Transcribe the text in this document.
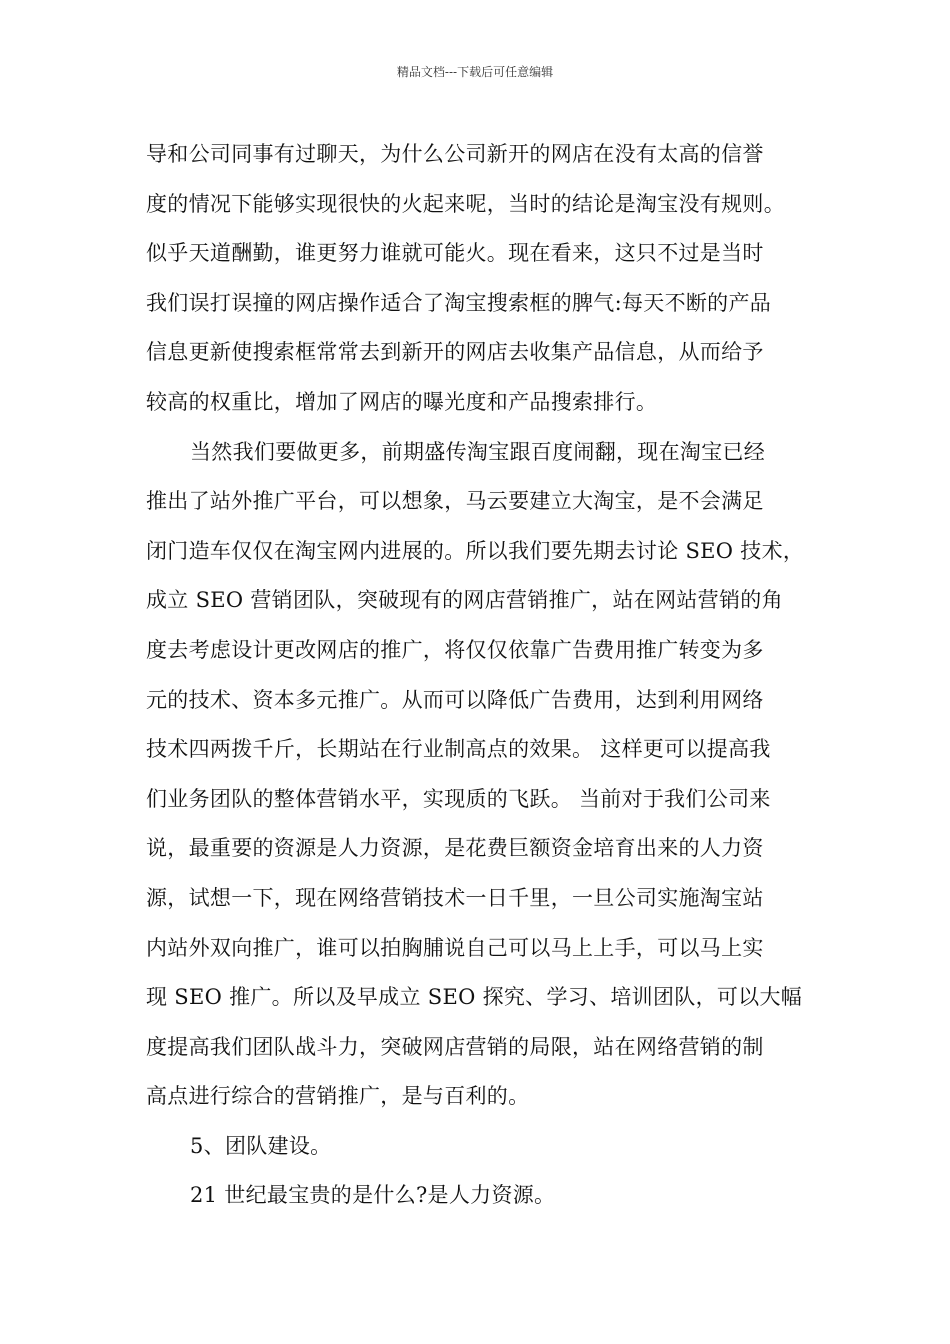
精品文档---下载后可任意编辑
导和公司同事有过聊天，为什么公司新开的网店在没有太高的信誉
度的情况下能够实现很快的火起来呢，当时的结论是淘宝没有规则。
似乎天道酬勤，谁更努力谁就可能火。现在看来，这只不过是当时
我们误打误撞的网店操作适合了淘宝搜索框的脾气:每天不断的产品
信息更新使搜索框常常去到新开的网店去收集产品信息，从而给予
较高的权重比，增加了网店的曝光度和产品搜索排行。
当然我们要做更多，前期盛传淘宝跟百度闹翻，现在淘宝已经
推出了站外推广平台，可以想象，马云要建立大淘宝，是不会满足
闭门造车仅仅在淘宝网内进展的。所以我们要先期去讨论 SEO 技术，
成立 SEO 营销团队，突破现有的网店营销推广，站在网站营销的角
度去考虑设计更改网店的推广，将仅仅依靠广告费用推广转变为多
元的技术、资本多元推广。从而可以降低广告费用，达到利用网络
技术四两拨千斤，长期站在行业制高点的效果。 这样更可以提高我
们业务团队的整体营销水平，实现质的飞跃。 当前对于我们公司来
说，最重要的资源是人力资源，是花费巨额资金培育出来的人力资
源，试想一下，现在网络营销技术一日千里，一旦公司实施淘宝站
内站外双向推广，谁可以拍胸脯说自己可以马上上手，可以马上实
现 SEO 推广。所以及早成立 SEO 探究、学习、培训团队，可以大幅
度提高我们团队战斗力，突破网店营销的局限，站在网络营销的制
高点进行综合的营销推广，是与百利的。
5、团队建设。
21 世纪最宝贵的是什么?是人力资源。
